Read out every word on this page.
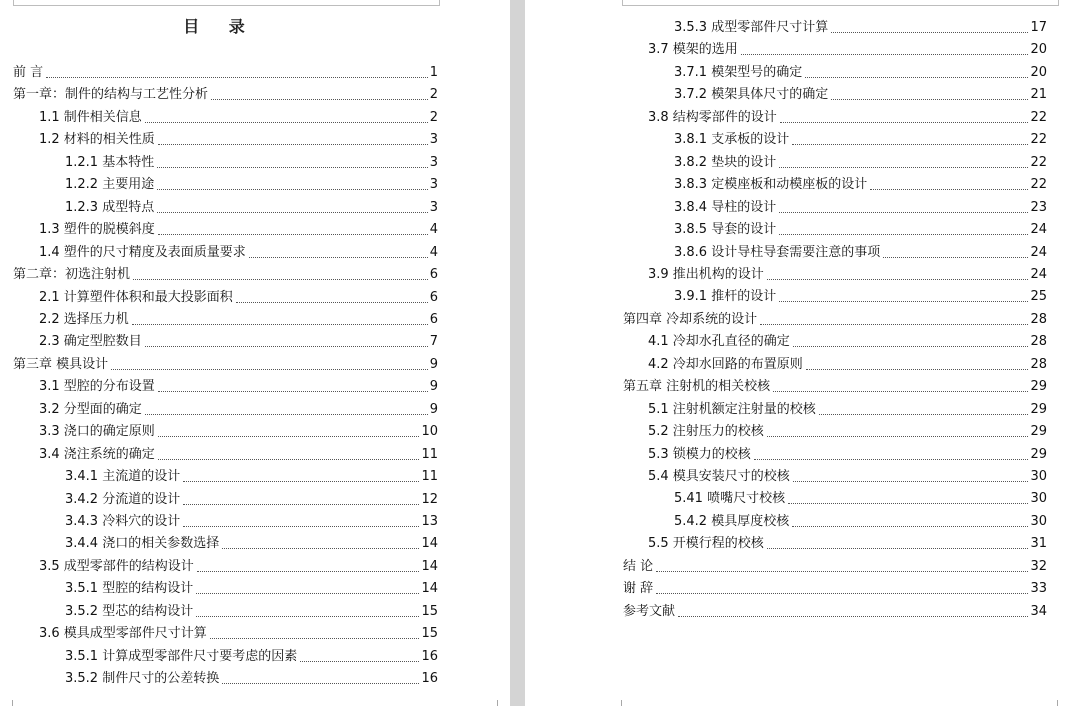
目 录
前 言	1
第一章：制件的结构与工艺性分析	2
1.1 制件相关信息	2
1.2 材料的相关性质	3
1.2.1 基本特性	3
1.2.2 主要用途	3
1.2.3 成型特点	3
1.3 塑件的脱模斜度	4
1.4 塑件的尺寸精度及表面质量要求	4
第二章：初选注射机	6
2.1 计算塑件体积和最大投影面积	6
2.2 选择压力机	6
2.3 确定型腔数目	7
第三章 模具设计	9
3.1 型腔的分布设置	9
3.2 分型面的确定	9
3.3 浇口的确定原则	10
3.4 浇注系统的确定	11
3.4.1 主流道的设计	11
3.4.2 分流道的设计	12
3.4.3 冷料穴的设计	13
3.4.4 浇口的相关参数选择	14
3.5 成型零部件的结构设计	14
3.5.1 型腔的结构设计	14
3.5.2 型芯的结构设计	15
3.6 模具成型零部件尺寸计算	15
3.5.1 计算成型零部件尺寸要考虑的因素	16
3.5.2 制件尺寸的公差转换	16
3.5.3 成型零部件尺寸计算	17
3.7 模架的选用	20
3.7.1 模架型号的确定	20
3.7.2 模架具体尺寸的确定	21
3.8 结构零部件的设计	22
3.8.1 支承板的设计	22
3.8.2 垫块的设计	22
3.8.3 定模座板和动模座板的设计	22
3.8.4 导柱的设计	23
3.8.5 导套的设计	24
3.8.6 设计导柱导套需要注意的事项	24
3.9 推出机构的设计	24
3.9.1 推杆的设计	25
第四章 冷却系统的设计	28
4.1 冷却水孔直径的确定	28
4.2 冷却水回路的布置原则	28
第五章 注射机的相关校核	29
5.1 注射机额定注射量的校核	29
5.2 注射压力的校核	29
5.3 锁模力的校核	29
5.4 模具安装尺寸的校核	30
5.41 喷嘴尺寸校核	30
5.4.2 模具厚度校核	30
5.5 开模行程的校核	31
结 论	32
谢 辞	33
参考文献	34
